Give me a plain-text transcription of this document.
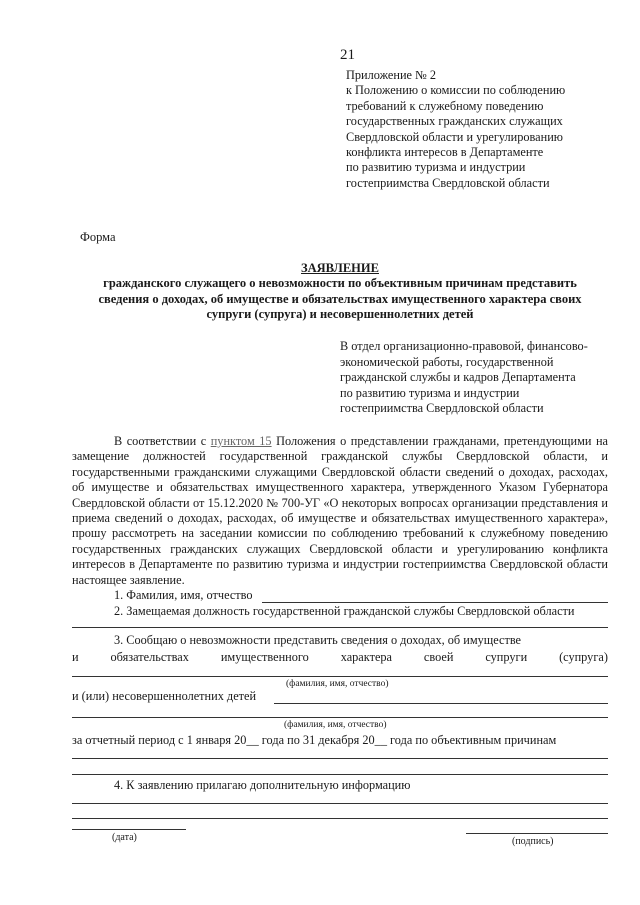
21
Приложение № 2
к Положению о комиссии по соблюдению
требований к служебному поведению
государственных гражданских служащих
Свердловской области и урегулированию
конфликта интересов в Департаменте
по развитию туризма и индустрии
гостеприимства Свердловской области
Форма
ЗАЯВЛЕНИЕ
гражданского служащего о невозможности по объективным причинам представить
сведения о доходах, об имуществе и обязательствах имущественного характера своих
супруги (супруга) и несовершеннолетних детей
В отдел организационно-правовой, финансово-
экономической работы, государственной
гражданской службы и кадров Департамента
по развитию туризма и индустрии
гостеприимства Свердловской области

В соответствии с пунктом 15 Положения о представлении гражданами, претендующими на замещение должностей государственной гражданской службы Свердловской области, и государственными гражданскими служащими Свердловской области сведений о доходах, расходах, об имуществе и обязательствах имущественного характера, утвержденного Указом Губернатора Свердловской области от 15.12.2020 № 700-УГ «О некоторых вопросах организации представления и приема сведений о доходах, расходах, об имуществе и обязательствах имущественного характера», прошу рассмотреть на заседании комиссии по соблюдению требований к служебному поведению государственных гражданских служащих Свердловской области и урегулированию конфликта интересов в Департаменте по развитию туризма и индустрии гостеприимства Свердловской области настоящее заявление.

1. Фамилия, имя, отчество
2. Замещаемая должность государственной гражданской службы Свердловской области
3. Сообщаю о невозможности представить сведения о доходах, об имуществе
и	обязательствах	имущественного	характера	своей	супруги	(супруга)
(фамилия, имя, отчество)
и (или) несовершеннолетних детей
(фамилия, имя, отчество)
за отчетный период с 1 января 20__ года по 31 декабря 20__ года по объективным причинам
4. К заявлению прилагаю дополнительную информацию
(дата)	(подпись)
